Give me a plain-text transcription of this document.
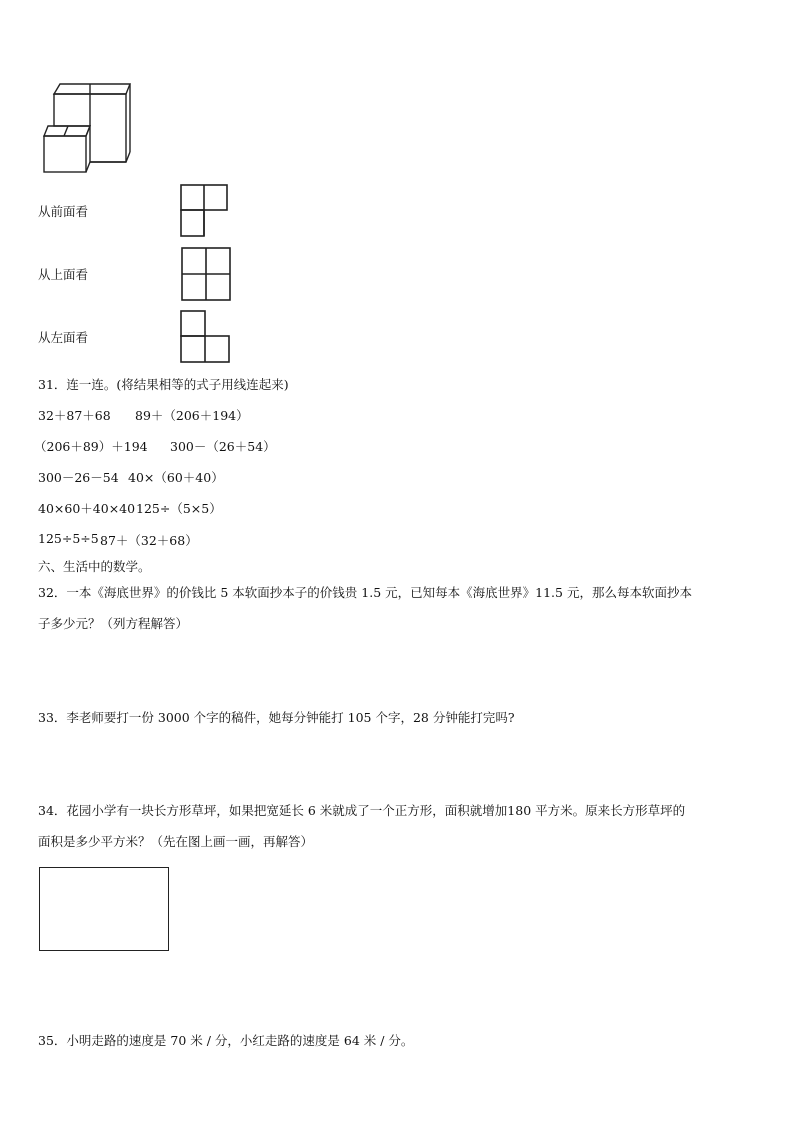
从前面看
从上面看
从左面看
31．连一连。(将结果相等的式子用线连起来)
32＋87＋68 89＋（206＋194）
（206＋89）＋194 300－（26＋54）
300－26－54 40×（60＋40）
40×60＋40×40 125÷（5×5）
125÷5÷5 87＋（32＋68）
六、生活中的数学。
32．一本《海底世界》的价钱比 5 本软面抄本子的价钱贵 1.5 元，已知每本《海底世界》11.5 元，那么每本软面抄本
子多少元？（列方程解答）
33．李老师要打一份 3000 个字的稿件，她每分钟能打 105 个字，28 分钟能打完吗?
34．花园小学有一块长方形草坪，如果把宽延长 6 米就成了一个正方形，面积就增加180 平方米。原来长方形草坪的
面积是多少平方米？（先在图上画一画，再解答）
35．小明走路的速度是 70 米 / 分，小红走路的速度是 64 米 / 分。
